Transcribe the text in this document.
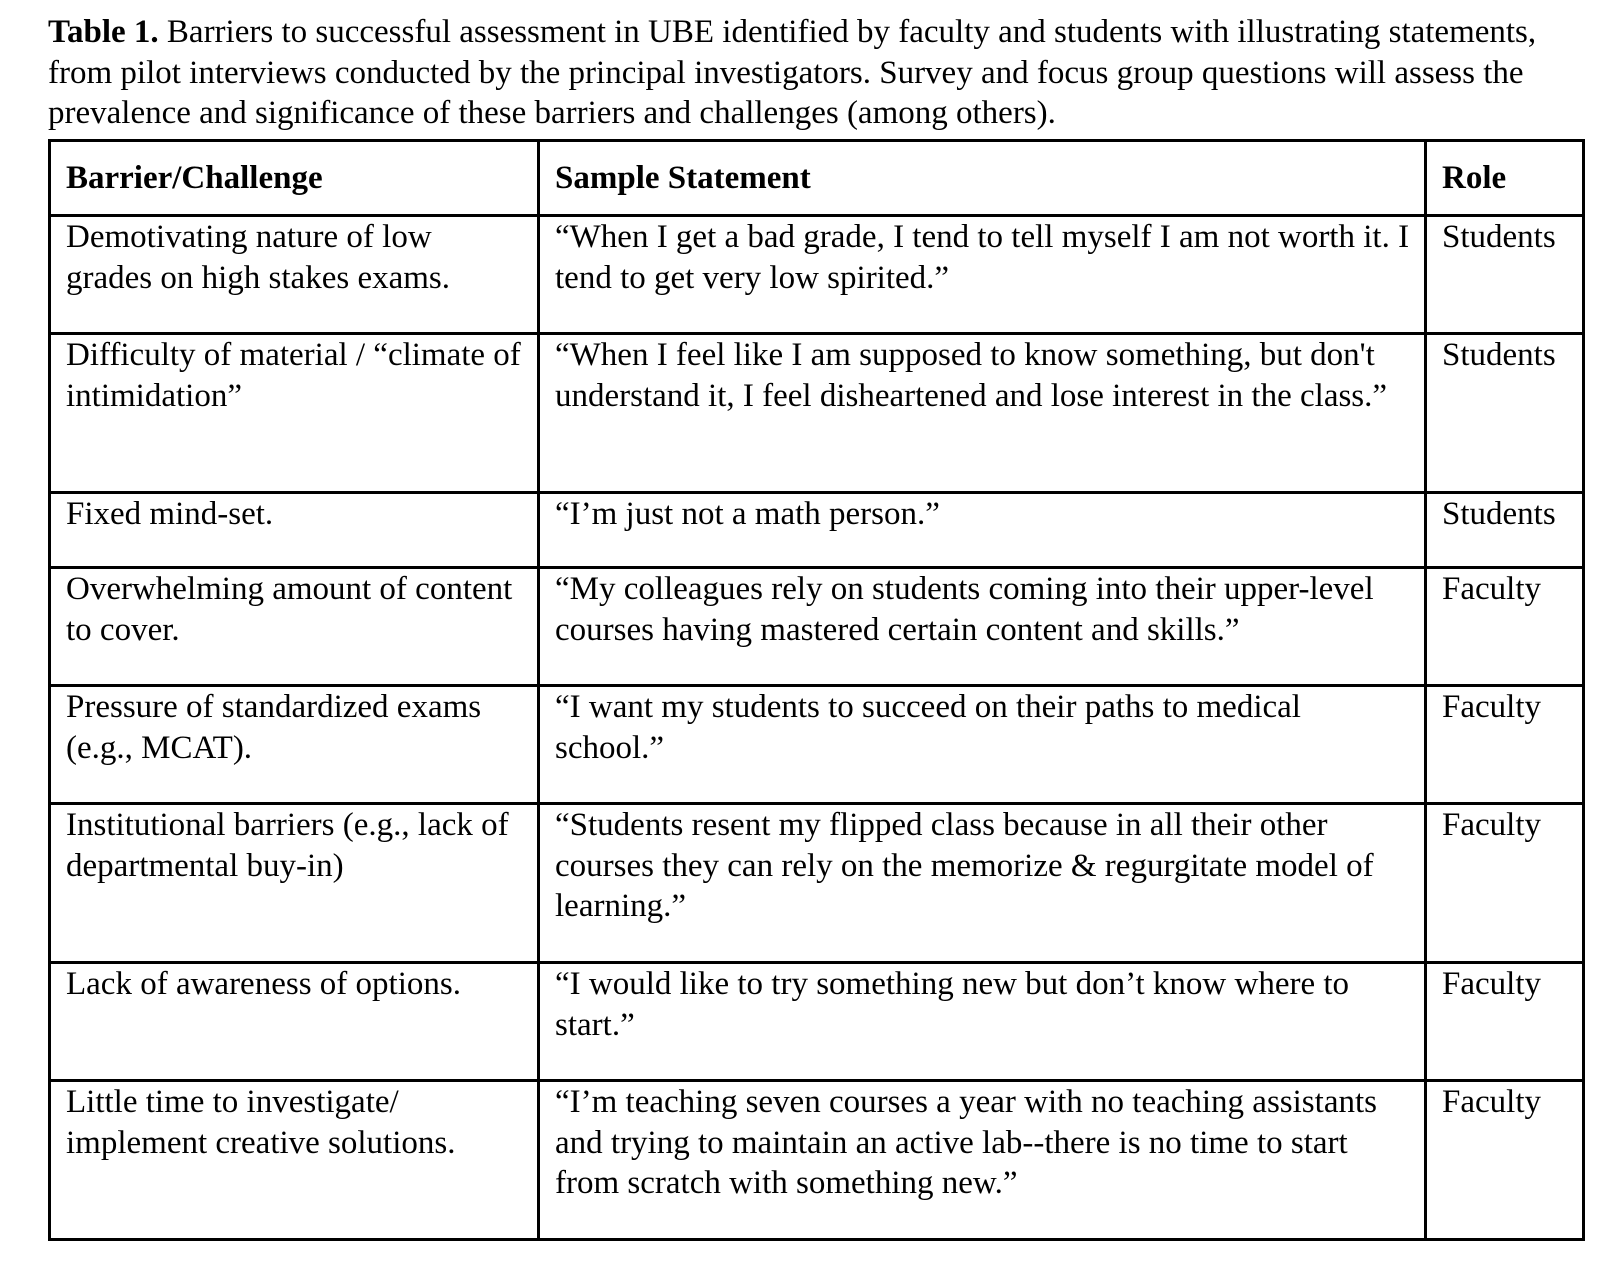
Table 1. Barriers to successful assessment in UBE identified by faculty and students with illustrating statements, from pilot interviews conducted by the principal investigators. Survey and focus group questions will assess the prevalence and significance of these barriers and challenges (among others).

Barrier/Challenge	Sample Statement	Role
Demotivating nature of low grades on high stakes exams.	“When I get a bad grade, I tend to tell myself I am not worth it. I tend to get very low spirited.”	Students
Difficulty of material / “climate of intimidation”	“When I feel like I am supposed to know something, but don't understand it, I feel disheartened and lose interest in the class.”	Students
Fixed mind-set.	“I’m just not a math person.”	Students
Overwhelming amount of content to cover.	“My colleagues rely on students coming into their upper-level courses having mastered certain content and skills.”	Faculty
Pressure of standardized exams (e.g., MCAT).	“I want my students to succeed on their paths to medical school.”	Faculty
Institutional barriers (e.g., lack of departmental buy-in)	“Students resent my flipped class because in all their other courses they can rely on the memorize & regurgitate model of learning.”	Faculty
Lack of awareness of options.	“I would like to try something new but don’t know where to start.”	Faculty
Little time to investigate/ implement creative solutions.	“I’m teaching seven courses a year with no teaching assistants and trying to maintain an active lab--there is no time to start from scratch with something new.”	Faculty
